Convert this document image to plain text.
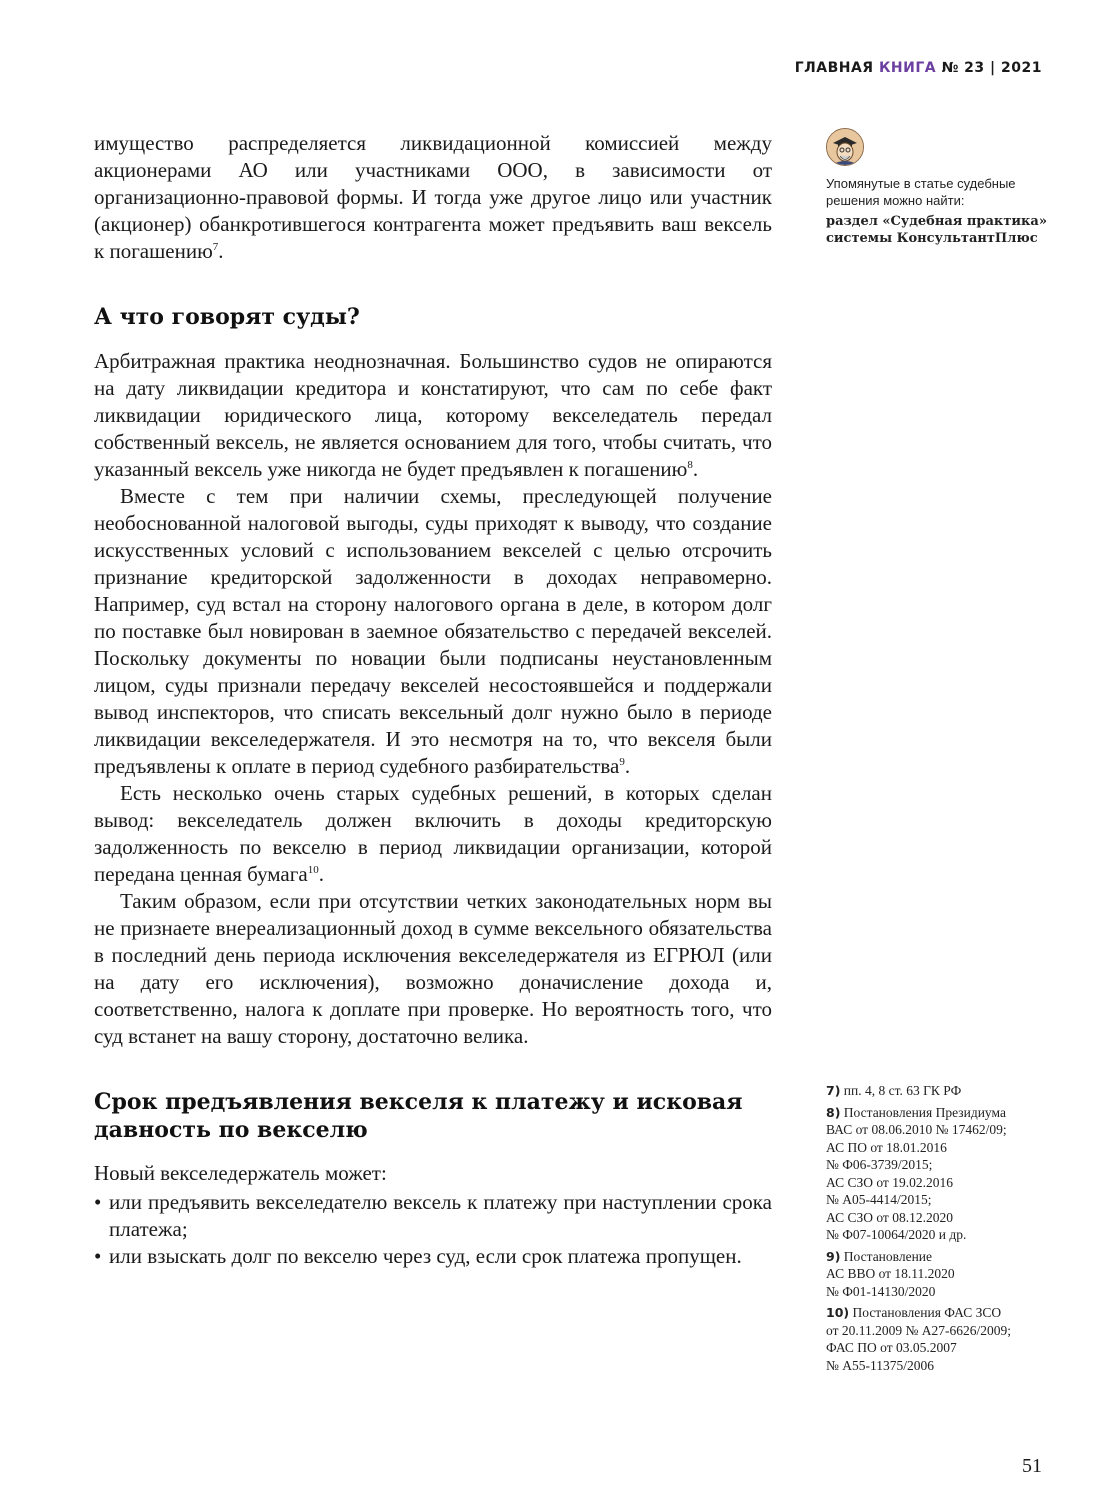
ГЛАВНАЯ КНИГА № 23 | 2021

имущество распределяется ликвидационной комиссией между акционерами АО или участниками ООО, в зависимости от организационно-правовой формы. И тогда уже другое лицо или участник (акционер) обанкротившегося контрагента может предъявить ваш вексель к погашению$^7$.

А что говорят суды?

Арбитражная практика неоднозначная. Большинство судов не опираются на дату ликвидации кредитора и констатируют, что сам по себе факт ликвидации юридического лица, которому векселедатель передал собственный вексель, не является основанием для того, чтобы считать, что указанный вексель уже никогда не будет предъявлен к погашению$^8$.

Вместе с тем при наличии схемы, преследующей получение необоснованной налоговой выгоды, суды приходят к выводу, что создание искусственных условий с использованием векселей с целью отсрочить признание кредиторской задолженности в доходах неправомерно. Например, суд встал на сторону налогового органа в деле, в котором долг по поставке был новирован в заемное обязательство с передачей векселей. Поскольку документы по новации были подписаны неустановленным лицом, суды признали передачу векселей несостоявшейся и поддержали вывод инспекторов, что списать вексельный долг нужно было в периоде ликвидации векселедержателя. И это несмотря на то, что векселя были предъявлены к оплате в период судебного разбирательства$^9$.

Есть несколько очень старых судебных решений, в которых сделан вывод: векселедатель должен включить в доходы кредиторскую задолженность по векселю в период ликвидации организации, которой передана ценная бумага$^{10}$.

Таким образом, если при отсутствии четких законодательных норм вы не признаете внереализационный доход в сумме вексельного обязательства в последний день периода исключения векселедержателя из ЕГРЮЛ (или на дату его исключения), возможно доначисление дохода и, соответственно, налога к доплате при проверке. Но вероятность того, что суд встанет на вашу сторону, достаточно велика.

Срок предъявления векселя к платежу и исковая давность по векселю

Новый векселедержатель может:

• или предъявить векселедателю вексель к платежу при наступлении срока платежа;
• или взыскать долг по векселю через суд, если срок платежа пропущен.

Упомянутые в статье судебные решения можно найти:

раздел «Судебная практика» системы КонсультантПлюс

7) пп. 4, 8 ст. 63 ГК РФ
8) Постановления Президиума
ВАС от 08.06.2010 № 17462/09;
АС ПО от 18.01.2016
№ Ф06-3739/2015;
АС СЗО от 19.02.2016
№ А05-4414/2015;
АС СЗО от 08.12.2020
№ Ф07-10064/2020 и др.
9) Постановление
АС ВВО от 18.11.2020
№ Ф01-14130/2020
10) Постановления ФАС ЗСО
от 20.11.2009 № А27-6626/2009;
ФАС ПО от 03.05.2007
№ А55-11375/2006
51
